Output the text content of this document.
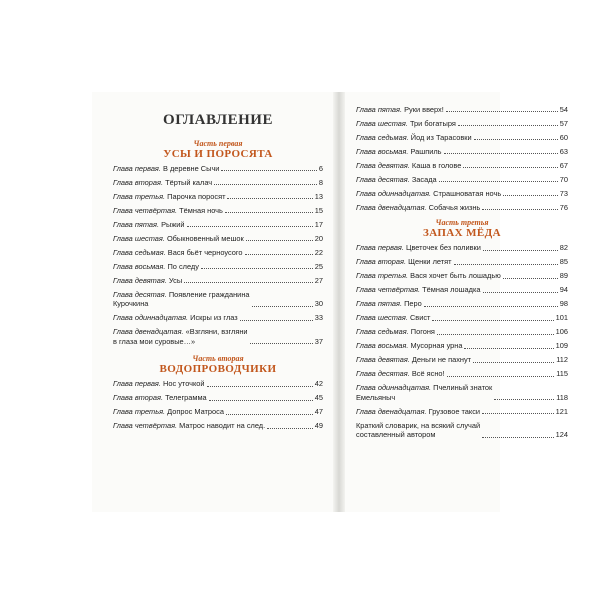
ОГЛАВЛЕНИЕ
Часть первая
УСЫ И ПОРОСЯТА
Глава первая. В деревне Сычи	6
Глава вторая. Тёртый калач	8
Глава третья. Парочка поросят	13
Глава четвёртая. Тёмная ночь	15
Глава пятая. Рыжий	17
Глава шестая. Обыкновенный мешок	20
Глава седьмая. Вася бьёт черноусого	22
Глава восьмая. По следу	25
Глава девятая. Усы	27
Глава десятая. Появление гражданина
Курочкина	30
Глава одиннадцатая. Искры из глаз	33
Глава двенадцатая. «Взгляни, взгляни
в глаза мои суровые…»	37
Часть вторая
ВОДОПРОВОДЧИКИ
Глава первая. Нос уточкой	42
Глава вторая. Телеграмма	45
Глава третья. Допрос Матроса	47
Глава четвёртая. Матрос наводит на след.	49
Глава пятая. Руки вверх!	54
Глава шестая. Три богатыря	57
Глава седьмая. Йод из Тарасовки	60
Глава восьмая. Рашпиль	63
Глава девятая. Каша в голове	67
Глава десятая. Засада	70
Глава одиннадцатая. Страшноватая ночь	73
Глава двенадцатая. Собачья жизнь	76
Часть третья
ЗАПАХ МЁДА
Глава первая. Цветочек без поливки	82
Глава вторая. Щенки летят	85
Глава третья. Вася хочет быть лошадью	89
Глава четвёртая. Тёмная лошадка	94
Глава пятая. Перо	98
Глава шестая. Свист	101
Глава седьмая. Погоня	106
Глава восьмая. Мусорная урна	109
Глава девятая. Деньги не пахнут	112
Глава десятая. Всё ясно!	115
Глава одиннадцатая. Пчелиный знаток
Емельяныч	118
Глава двенадцатая. Грузовое такси	121
Краткий словарик, на всякий случай
составленный автором	124
